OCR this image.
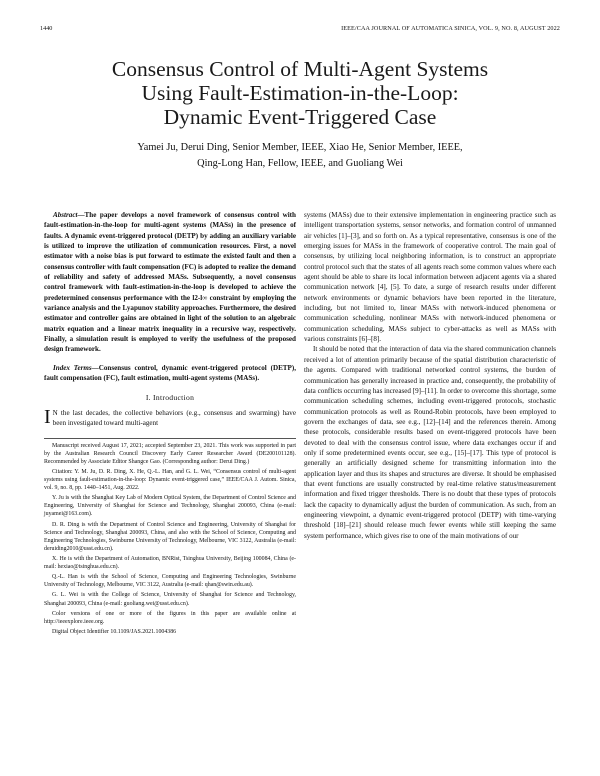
1440	IEEE/CAA JOURNAL OF AUTOMATICA SINICA, VOL. 9, NO. 8, AUGUST 2022
Consensus Control of Multi-Agent Systems
Using Fault-Estimation-in-the-Loop:
Dynamic Event-Triggered Case
Yamei Ju, Derui Ding, Senior Member, IEEE, Xiao He, Senior Member, IEEE,
Qing-Long Han, Fellow, IEEE, and Guoliang Wei

Abstract—The paper develops a novel framework of consensus control with fault-estimation-in-the-loop for multi-agent systems (MASs) in the presence of faults. A dynamic event-triggered protocol (DETP) by adding an auxiliary variable is utilized to improve the utilization of communication resources. First, a novel estimator with a noise bias is put forward to estimate the existed fault and then a consensus controller with fault compensation (FC) is adopted to realize the demand of reliability and safety of addressed MASs. Subsequently, a novel consensus control framework with fault-estimation-in-the-loop is developed to achieve the predetermined consensus performance with the l2-l∞ constraint by employing the variance analysis and the Lyapunov stability approaches. Furthermore, the desired estimator and controller gains are obtained in light of the solution to an algebraic matrix equation and a linear matrix inequality in a recursive way, respectively. Finally, a simulation result is employed to verify the usefulness of the proposed design framework.

Index Terms—Consensus control, dynamic event-triggered protocol (DETP), fault compensation (FC), fault estimation, multi-agent systems (MASs).

I. Introduction

I N the last decades, the collective behaviors (e.g., consensus and swarming) have been investigated toward multi-agent

Manuscript received August 17, 2021; accepted September 23, 2021. This work was supported in part by the Australian Research Council Discovery Early Career Researcher Award (DE200101128). Recommended by Associate Editor Shangce Gao. (Corresponding author: Derui Ding.)

Citation: Y. M. Ju, D. R. Ding, X. He, Q.-L. Han, and G. L. Wei, “Consensus control of multi-agent systems using fault-estimation-in-the-loop: Dynamic event-triggered case,” IEEE/CAA J. Autom. Sinica, vol. 9, no. 8, pp. 1440–1451, Aug. 2022.

Y. Ju is with the Shanghai Key Lab of Modern Optical System, the Department of Control Science and Engineering, University of Shanghai for Science and Technology, Shanghai 200093, China (e-mail: juyamei@163.com).

D. R. Ding is with the Department of Control Science and Engineering, University of Shanghai for Science and Technology, Shanghai 200093, China, and also with the School of Science, Computing and Engineering Technologies, Swinburne University of Technology, Melbourne, VIC 3122, Australia (e-mail: deruiding2010@usst.edu.cn).

X. He is with the Department of Automation, BNRist, Tsinghua University, Beijing 100084, China (e-mail: hexiao@tsinghua.edu.cn).

Q.-L. Han is with the School of Science, Computing and Engineering Technologies, Swinburne University of Technology, Melbourne, VIC 3122, Australia (e-mail: qhan@swin.edu.au).

G. L. Wei is with the College of Science, University of Shanghai for Science and Technology, Shanghai 200093, China (e-mail: guoliang.wei@usst.edu.cn).

Color versions of one or more of the figures in this paper are available online at http://ieeexplore.ieee.org.

Digital Object Identifier 10.1109/JAS.2021.1004386

systems (MASs) due to their extensive implementation in engineering practice such as intelligent transportation systems, sensor networks, and formation control of unmanned air vehicles [1]–[3], and so forth on. As a typical representative, consensus is one of the emerging issues for MASs in the framework of cooperative control. The main goal of consensus, by utilizing local neighboring information, is to construct an appropriate control protocol such that the states of all agents reach some common values where each agent should be able to share its local information between adjacent agents via a shared communication network [4], [5]. To date, a surge of research results under different network environments or dynamic behaviors have been reported in the literature, including, but not limited to, linear MASs with network-induced phenomena or communication scheduling, nonlinear MASs with network-induced phenomena or communication scheduling, MASs subject to cyber-attacks as well as MASs with various constraints [6]–[8].

It should be noted that the interaction of data via the shared communication channels received a lot of attention primarily because of the spatial distribution characteristic of the agents. Compared with traditional networked control systems, the burden of communication has generally increased in practice and, consequently, the probability of data conflicts occurring has increased [9]–[11]. In order to overcome this shortage, some communication scheduling schemes, including event-triggered protocols, stochastic communication protocols as well as Round-Robin protocols, have been employed to govern the exchanges of data, see e.g., [12]–[14] and the references therein. Among these protocols, considerable results based on event-triggered protocols have been devoted to deal with the consensus control issue, where data exchanges occur if and only if some predetermined events occur, see e.g., [15]–[17]. This type of protocol is generally an artificially designed scheme for transmitting information into the application layer and thus its shapes and structures are diverse. It should be emphasised that event functions are usually constructed by real-time relative status/measurement information and fixed trigger thresholds. There is no doubt that these types of protocols lack the capacity to dynamically adjust the burden of communication. As such, from an engineering viewpoint, a dynamic event-triggered protocol (DETP) with time-varying threshold [18]–[21] should release much fewer events while still keeping the same system performance, which gives rise to one of the main motivations of our
